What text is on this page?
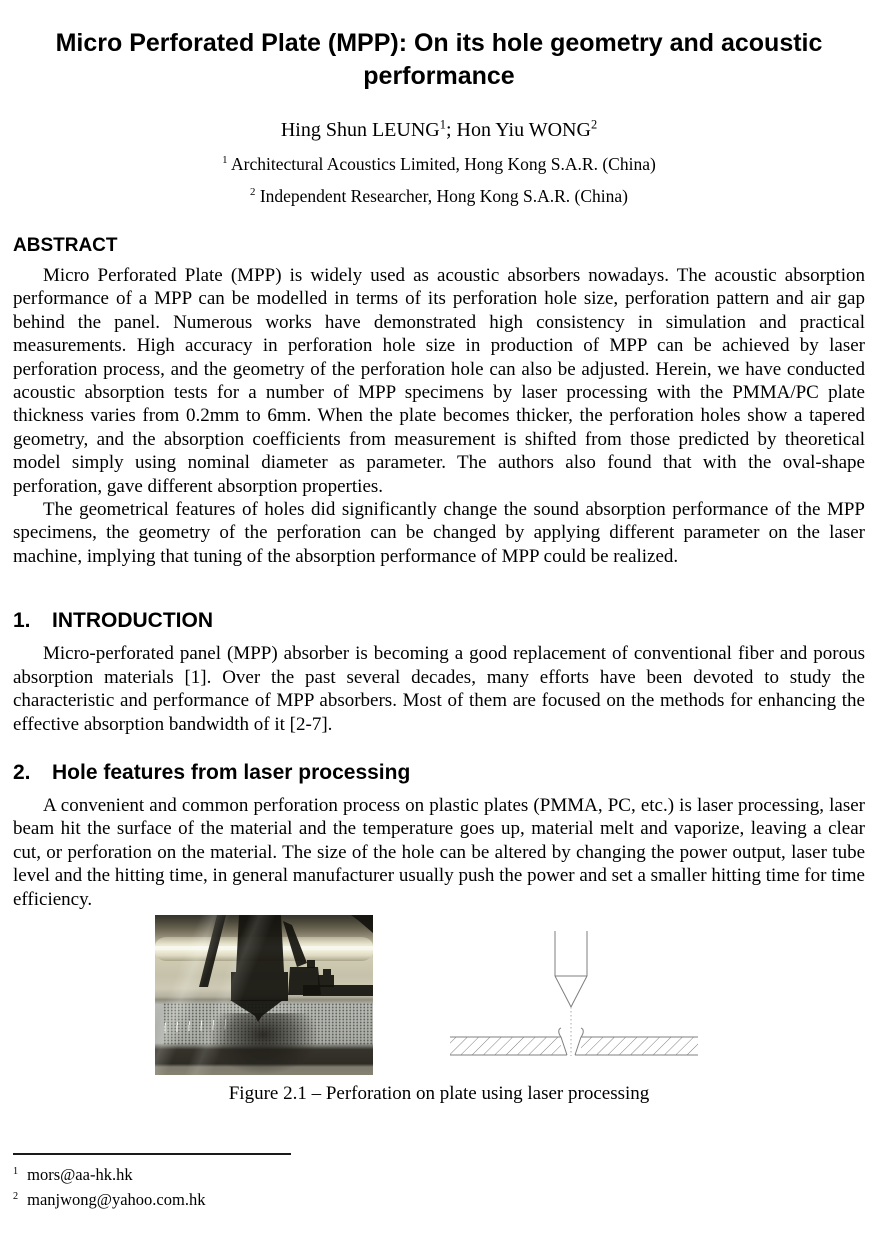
Micro Perforated Plate (MPP): On its hole geometry and acoustic performance
Hing Shun LEUNG$^1$; Hon Yiu WONG$^2$
$^1$ Architectural Acoustics Limited, Hong Kong S.A.R. (China)
$^2$ Independent Researcher, Hong Kong S.A.R. (China)
ABSTRACT

Micro Perforated Plate (MPP) is widely used as acoustic absorbers nowadays. The acoustic absorption performance of a MPP can be modelled in terms of its perforation hole size, perforation pattern and air gap behind the panel. Numerous works have demonstrated high consistency in simulation and practical measurements. High accuracy in perforation hole size in production of MPP can be achieved by laser perforation process, and the geometry of the perforation hole can also be adjusted. Herein, we have conducted acoustic absorption tests for a number of MPP specimens by laser processing with the PMMA/PC plate thickness varies from 0.2mm to 6mm. When the plate becomes thicker, the perforation holes show a tapered geometry, and the absorption coefficients from measurement is shifted from those predicted by theoretical model simply using nominal diameter as parameter. The authors also found that with the oval-shape perforation, gave different absorption properties.

The geometrical features of holes did significantly change the sound absorption performance of the MPP specimens, the geometry of the perforation can be changed by applying different parameter on the laser machine, implying that tuning of the absorption performance of MPP could be realized.

1. INTRODUCTION

Micro-perforated panel (MPP) absorber is becoming a good replacement of conventional fiber and porous absorption materials [1]. Over the past several decades, many efforts have been devoted to study the characteristic and performance of MPP absorbers. Most of them are focused on the methods for enhancing the effective absorption bandwidth of it [2-7].

2. Hole features from laser processing

A convenient and common perforation process on plastic plates (PMMA, PC, etc.) is laser processing, laser beam hit the surface of the material and the temperature goes up, material melt and vaporize, leaving a clear cut, or perforation on the material. The size of the hole can be altered by changing the power output, laser tube level and the hitting time, in general manufacturer usually push the power and set a smaller hitting time for time efficiency.

Figure 2.1 – Perforation on plate using laser processing
$^1$ mors@aa-hk.hk
$^2$ manjwong@yahoo.com.hk
